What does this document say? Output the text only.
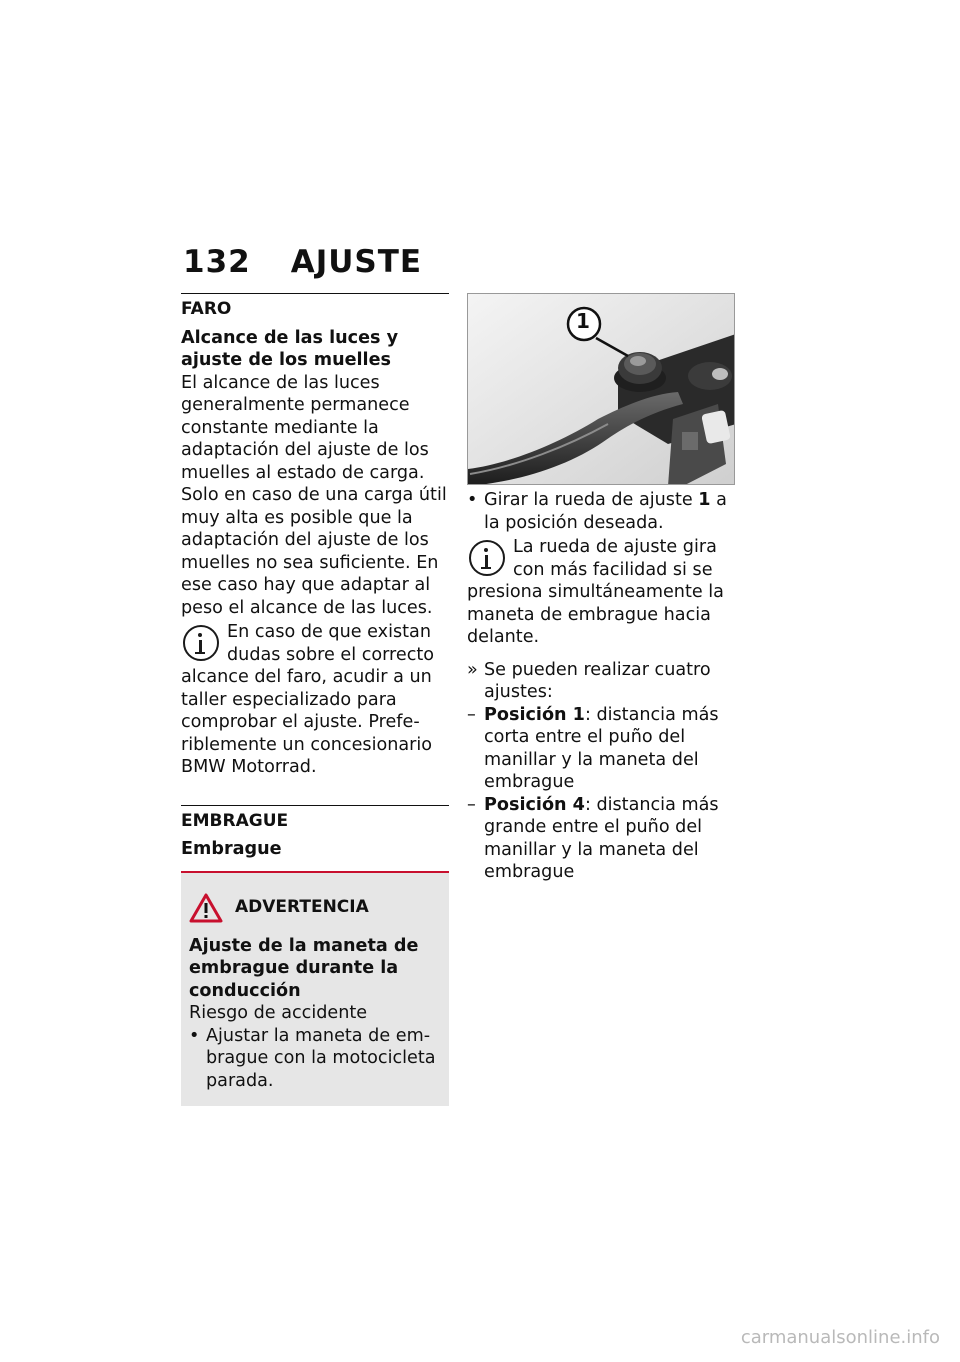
132 AJUSTE
FARO

Alcance de las luces y ajuste de los muelles

El alcance de las luces generalmente permanece constante mediante la adaptación del ajuste de los muelles al estado de carga.

Solo en caso de una carga útil muy alta es posible que la adaptación del ajuste de los muelles no sea suficiente. En ese caso hay que adaptar al peso el alcance de las luces.

En caso de que existan dudas sobre el correcto alcance del faro, acudir a un taller especializado para comprobar el ajuste. Preferiblemente un concesionario BMW Motorrad.

EMBRAGUE

Embrague

ADVERTENCIA

Ajuste de la maneta de embrague durante la conducción

Riesgo de accidente

• Ajustar la maneta de embrague con la motocicleta parada.

1

• Girar la rueda de ajuste 1 a la posición deseada.

La rueda de ajuste gira con más facilidad si se presiona simultáneamente la maneta de embrague hacia delante.

» Se pueden realizar cuatro ajustes:

– Posición 1: distancia más corta entre el puño del manillar y la maneta del embrague

– Posición 4: distancia más grande entre el puño del manillar y la maneta del embrague

carmanualsonline.info
